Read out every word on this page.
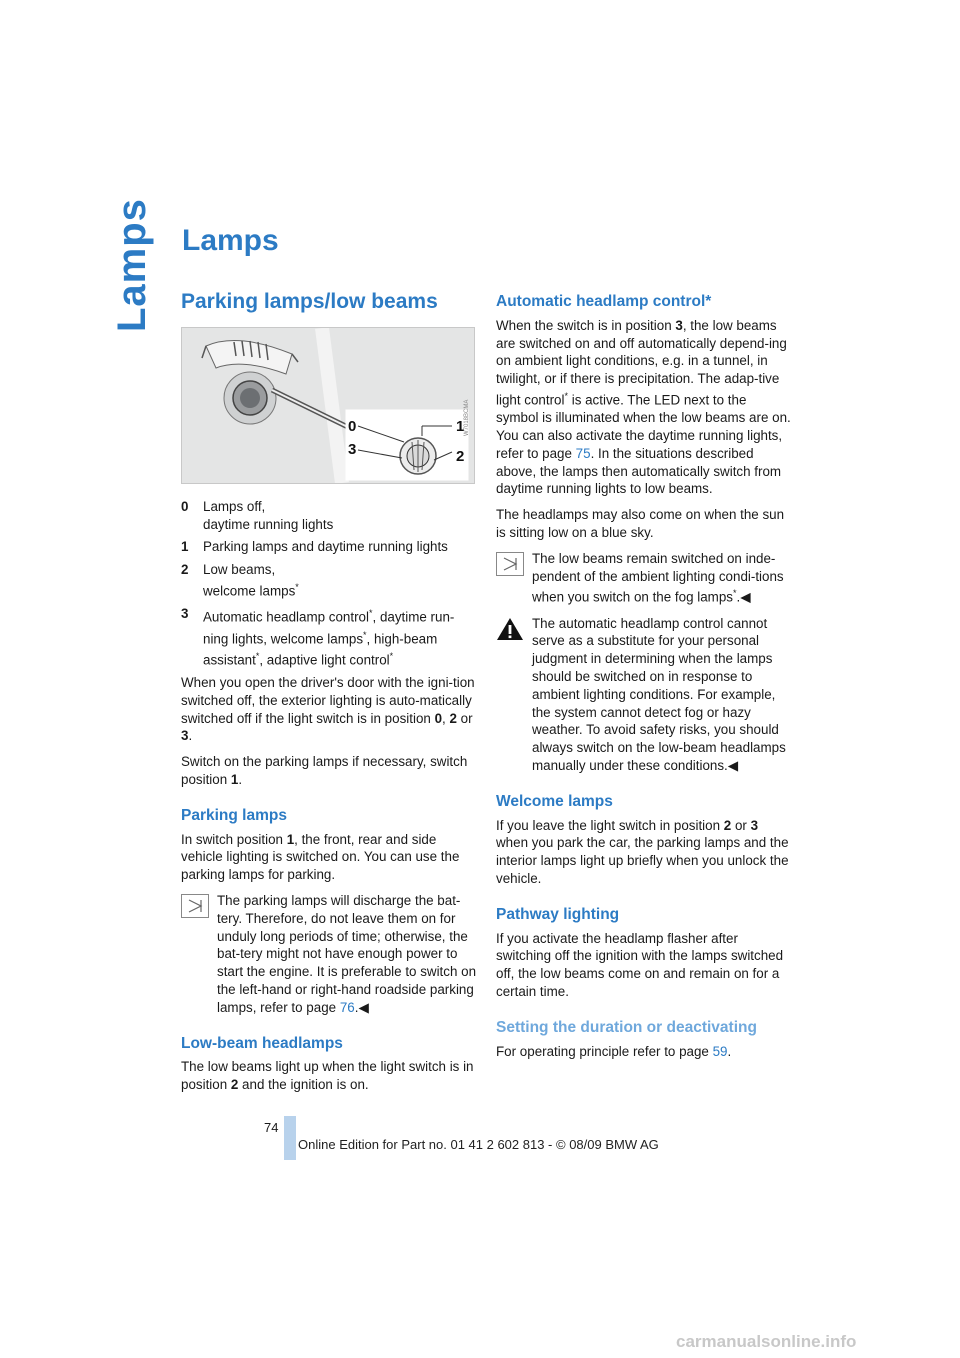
Lamps Lamps
Parking lamps/low beams
0	1
2
3
W7018BCMA
0	Lamps off,
daytime running lights
1	Parking lamps and daytime running lights
2	Low beams,
welcome lamps*
3	Automatic headlamp control*, daytime run-ning lights, welcome lamps*, high-beam assistant*, adaptive light control*

When you open the driver's door with the igni-tion switched off, the exterior lighting is auto-matically switched off if the light switch is in position 0, 2 or 3.

Switch on the parking lamps if necessary, switch position 1.

Parking lamps

In switch position 1, the front, rear and side vehicle lighting is switched on. You can use the parking lamps for parking.

The parking lamps will discharge the bat-tery. Therefore, do not leave them on for unduly long periods of time; otherwise, the bat-tery might not have enough power to start the engine. It is preferable to switch on the left-hand or right-hand roadside parking lamps, refer to page 76.◀
Low-beam headlamps

The low beams light up when the light switch is in position 2 and the ignition is on.

Automatic headlamp control*

When the switch is in position 3, the low beams are switched on and off automatically depend-ing on ambient light conditions, e.g. in a tunnel, in twilight, or if there is precipitation. The adap-tive light control* is active. The LED next to the symbol is illuminated when the low beams are on. You can also activate the daytime running lights, refer to page 75. In the situations described above, the lamps then automatically switch from daytime running lights to low beams.

The headlamps may also come on when the sun is sitting low on a blue sky.

The low beams remain switched on inde-pendent of the ambient lighting condi-tions when you switch on the fog lamps*.◀
The automatic headlamp control cannot serve as a substitute for your personal judgment in determining when the lamps should be switched on in response to ambient lighting conditions. For example, the system cannot detect fog or hazy weather. To avoid safety risks, you should always switch on the low-beam headlamps manually under these conditions.◀
Welcome lamps

If you leave the light switch in position 2 or 3 when you park the car, the parking lamps and the interior lamps light up briefly when you unlock the vehicle.

Pathway lighting

If you activate the headlamp flasher after switching off the ignition with the lamps switched off, the low beams come on and remain on for a certain time.

Setting the duration or deactivating

For operating principle refer to page 59.

74
Online Edition for Part no. 01 41 2 602 813 - © 08/09 BMW AG
carmanualsonline.info
